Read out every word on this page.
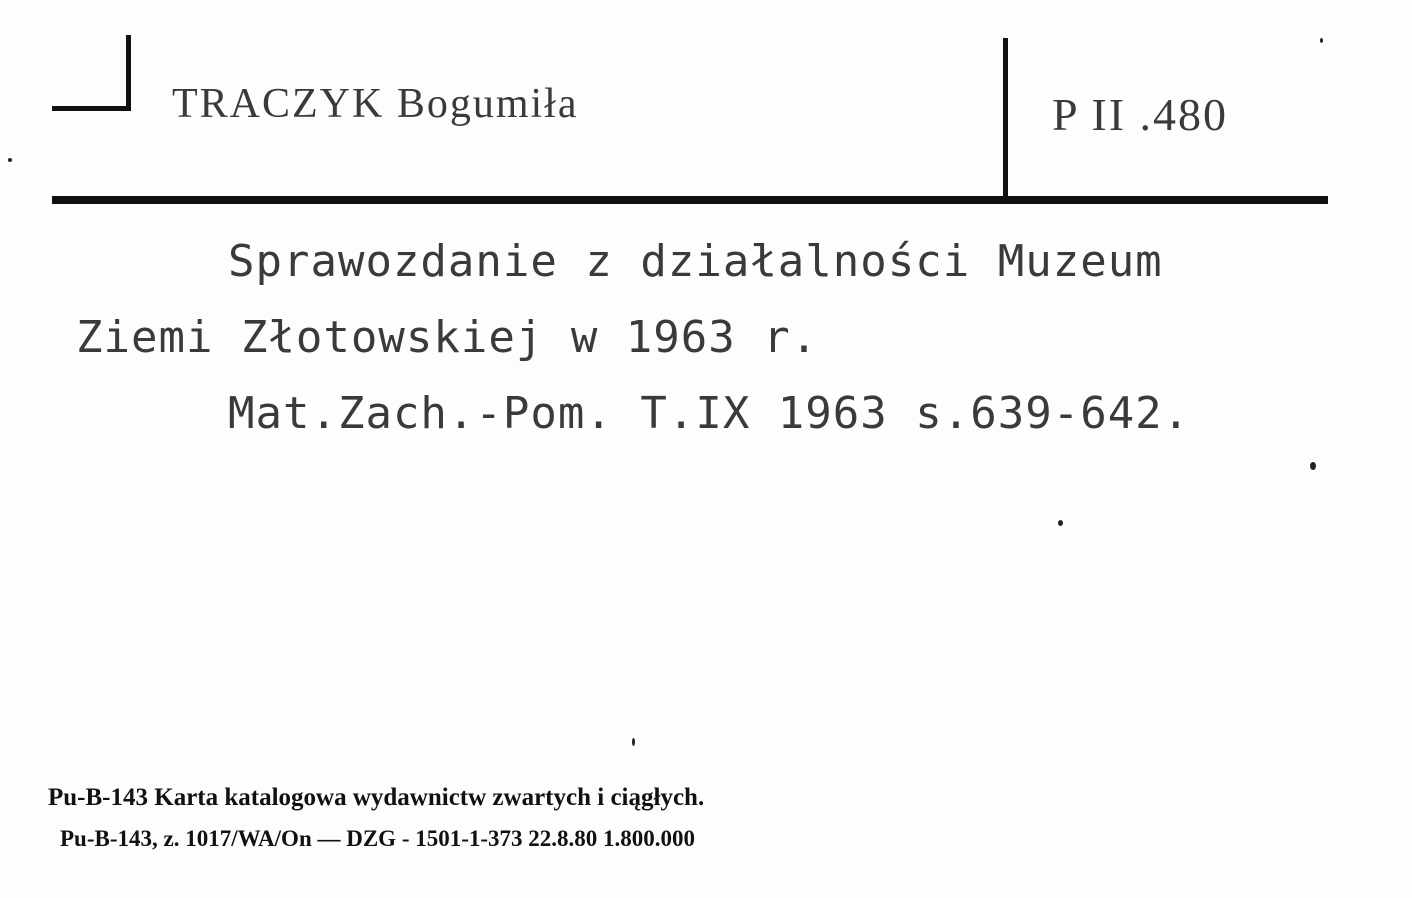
TRACZYK Bogumiła	P II .480
Sprawozdanie z działalności Muzeum
Ziemi Złotowskiej w 1963 r.
Mat.Zach.-Pom. T.IX 1963 s.639-642.
Pu-B-143 Karta katalogowa wydawnictw zwartych i ciągłych.
Pu-B-143, z. 1017/WA/On — DZG - 1501-1-373 22.8.80 1.800.000
